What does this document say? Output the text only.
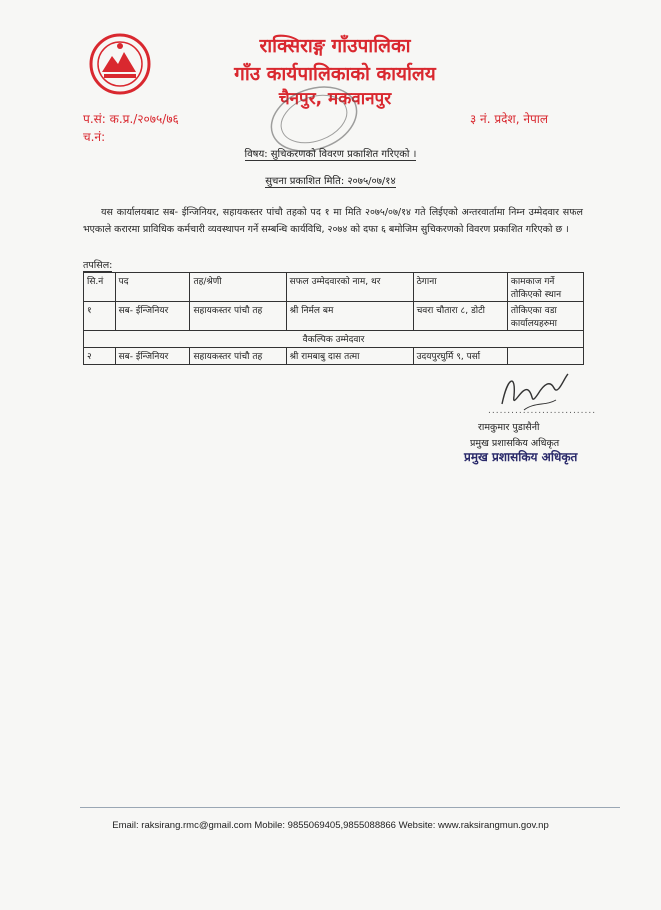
राक्सिराङ्ग गाँउपालिका
गाँउ कार्यपालिकाको कार्यालय
चैनपुर, मकवानपुर
प.सं: क.प्र./२०७५/७६
च.नं:
३ नं. प्रदेश, नेपाल
विषय: सुचिकरणको विवरण प्रकाशित गरिएको ।
सुचना प्रकाशित मिति: २०७५/०७/१४
यस कार्यालयबाट सब- ईन्जिनियर, सहायकस्तर पांचौ तहको पद १ मा मिति २०७५/०७/१४ गते लिईएको अन्तरवार्तामा निम्न उम्मेदवार सफल भएकाले करारमा प्राविधिक कर्मचारी व्यवस्थापन गर्ने सम्बन्धि कार्यविधि, २०७४ को दफा ६ बमोजिम सुचिकरणको विवरण प्रकाशित गरिएको छ ।
तपसिल:
सि.नं	पद	तह/श्रेणी	सफल उम्मेदवारको नाम, थर	ठेगाना	कामकाज गर्ने तोकिएको स्थान
१	सब- ईन्जिनियर	सहायकस्तर पांचौ तह	श्री निर्मल बम	चवरा चौतारा ८, डोटी	तोकिएका वडा कार्यालयहरुमा
वैकल्पिक उम्मेदवार					
२	सब- ईन्जिनियर	सहायकस्तर पांचौ तह	श्री रामबाबु दास तत्मा	उदयपुरघुर्मि ९, पर्सा	
............................
रामकुमार पुडासैनी
प्रमुख प्रशासकिय अधिकृत
प्रमुख प्रशासकिय अधिकृत
Email: raksirang.rmc@gmail.com Mobile: 9855069405,9855088866 Website: www.raksirangmun.gov.np
